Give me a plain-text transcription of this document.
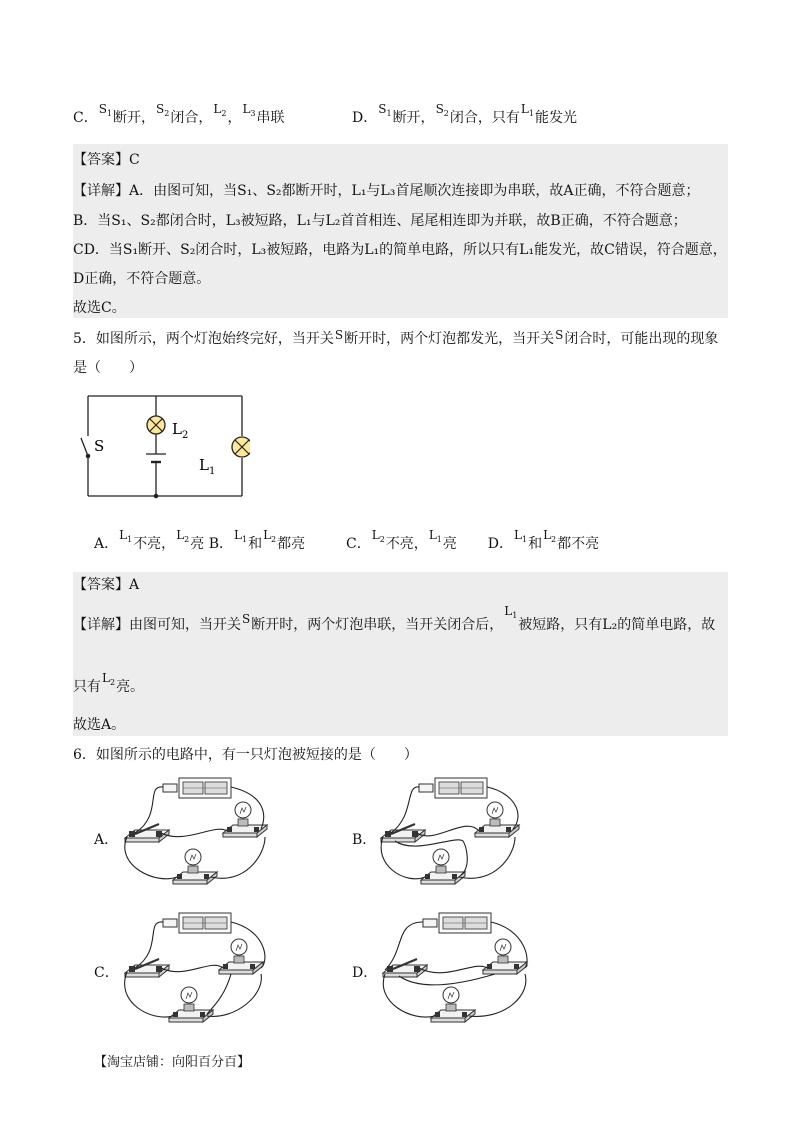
C．$S_1$断开，$S_2$闭合，$L_2$，$L_3$串联	D．$S_1$断开，$S_2$闭合，只有$L_1$能发光
【答案】C
【详解】A．由图可知，当S₁、S₂都断开时，L₁与L₃首尾顺次连接即为串联，故A正确，不符合题意；
B．当S₁、S₂都闭合时，L₃被短路，L₁与L₂首首相连、尾尾相连即为并联，故B正确，不符合题意；
CD．当S₁断开、S₂闭合时，L₃被短路，电路为L₁的简单电路，所以只有L₁能发光，故C错误，符合题意，
D正确，不符合题意。
故选C。
5．如图所示，两个灯泡始终完好，当开关S断开时，两个灯泡都发光，当开关S闭合时，可能出现的现象
是（　　）
S
$L_2$
$L_1$
A．$L_1$不亮，$L_2$亮 B．$L_1$和$L_2$都亮	C．$L_2$不亮，$L_1$亮 D．$L_1$和$L_2$都不亮
【答案】A
【详解】由图可知，当开关S断开时，两个灯泡串联，当开关闭合后，$L_1$被短路，只有L₂的简单电路，故
只有$L_2$亮。
故选A。
6．如图所示的电路中，有一只灯泡被短接的是（　　）
A．	B．
C．	D．
【淘宝店铺：向阳百分百】
